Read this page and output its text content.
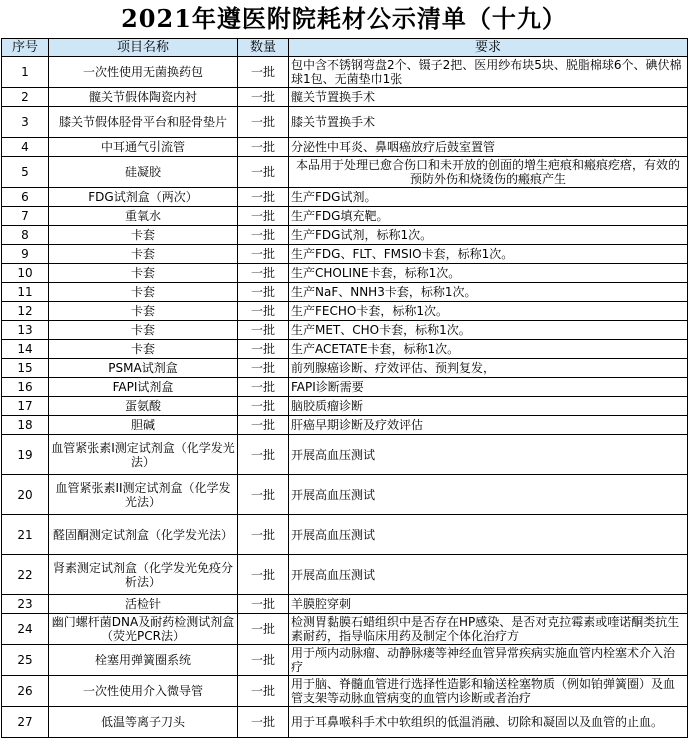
2021年遵医附院耗材公示清单（十九）
序号	项目名称	数量	要求
1	一次性使用无菌换药包	一批	包中含不锈钢弯盘2个、镊子2把、医用纱布块5块、脱脂棉球6个、碘伏棉球1包、无菌垫巾1张
2	髋关节假体陶瓷内衬	一批	髋关节置换手术
3	膝关节假体胫骨平台和胫骨垫片	一批	膝关节置换手术
4	中耳通气引流管	一批	分泌性中耳炎、鼻咽癌放疗后鼓室置管
5	硅凝胶	一批	本品用于处理已愈合伤口和未开放的创面的增生疤痕和瘢痕疙瘩，有效的预防外伤和烧烫伤的瘢痕产生
6	FDG试剂盒（两次）	一批	生产FDG试剂。
7	重氧水	一批	生产FDG填充靶。
8	卡套	一批	生产FDG试剂，标称1次。
9	卡套	一批	生产FDG、FLT、FMSIO卡套，标称1次。
10	卡套	一批	生产CHOLINE卡套，标称1次。
11	卡套	一批	生产NaF、NNH3卡套，标称1次。
12	卡套	一批	生产FECHO卡套，标称1次。
13	卡套	一批	生产MET、CHO卡套，标称1次。
14	卡套	一批	生产ACETATE卡套，标称1次。
15	PSMA试剂盒	一批	前列腺癌诊断、疗效评估、预判复发，
16	FAPI试剂盒	一批	FAPI诊断需要
17	蛋氨酸	一批	脑胶质瘤诊断
18	胆碱	一批	肝癌早期诊断及疗效评估
19	血管紧张素Ⅰ测定试剂盒（化学发光法）	一批	开展高血压测试
20	血管紧张素II测定试剂盒（化学发光法）	一批	开展高血压测试
21	醛固酮测定试剂盒（化学发光法）	一批	开展高血压测试
22	肾素测定试剂盒（化学发光免疫分析法）	一批	开展高血压测试
23	活检针	一批	羊膜腔穿刺
24	幽门螺杆菌DNA及耐药检测试剂盒（荧光PCR法）	一批	检测胃黏膜石蜡组织中是否存在HP感染、是否对克拉霉素或喹诺酮类抗生素耐药，指导临床用药及制定个体化治疗方
25	栓塞用弹簧圈系统	一批	用于颅内动脉瘤、动静脉瘘等神经血管异常疾病实施血管内栓塞术介入治疗
26	一次性使用介入微导管	一批	用于脑、脊髓血管进行选择性造影和输送栓塞物质（例如铂弹簧圈）及血管支架等动脉血管病变的血管内诊断或者治疗
27	低温等离子刀头	一批	用于耳鼻喉科手术中软组织的低温消融、切除和凝固以及血管的止血。
